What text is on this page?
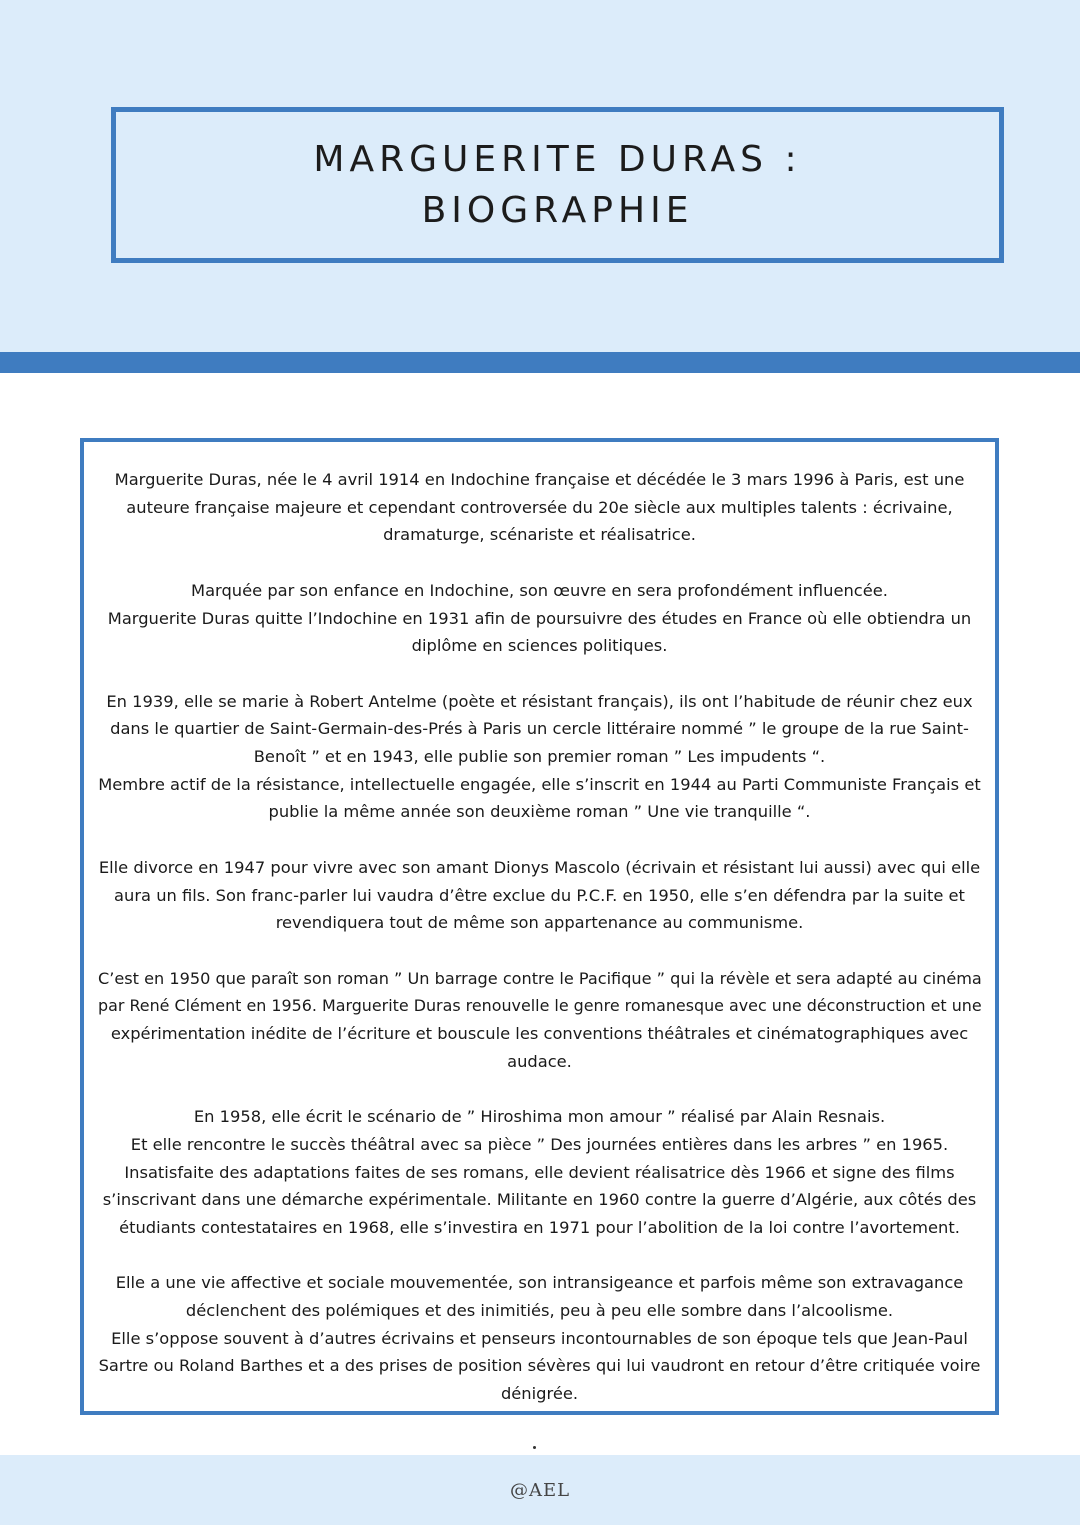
MARGUERITE DURAS :
BIOGRAPHIE
Marguerite Duras, née le 4 avril 1914 en Indochine française et décédée le 3 mars 1996 à Paris, est une
auteure française majeure et cependant controversée du 20e siècle aux multiples talents : écrivaine,
dramaturge, scénariste et réalisatrice.
Marquée par son enfance en Indochine, son œuvre en sera profondément influencée.
Marguerite Duras quitte l’Indochine en 1931 afin de poursuivre des études en France où elle obtiendra un
diplôme en sciences politiques.
En 1939, elle se marie à Robert Antelme (poète et résistant français), ils ont l’habitude de réunir chez eux
dans le quartier de Saint-Germain-des-Prés à Paris un cercle littéraire nommé ” le groupe de la rue Saint-
Benoît ” et en 1943, elle publie son premier roman ” Les impudents “.
Membre actif de la résistance, intellectuelle engagée, elle s’inscrit en 1944 au Parti Communiste Français et
publie la même année son deuxième roman ” Une vie tranquille “.
Elle divorce en 1947 pour vivre avec son amant Dionys Mascolo (écrivain et résistant lui aussi) avec qui elle
aura un fils. Son franc-parler lui vaudra d’être exclue du P.C.F. en 1950, elle s’en défendra par la suite et
revendiquera tout de même son appartenance au communisme.
C’est en 1950 que paraît son roman ” Un barrage contre le Pacifique ” qui la révèle et sera adapté au cinéma
par René Clément en 1956. Marguerite Duras renouvelle le genre romanesque avec une déconstruction et une
expérimentation inédite de l’écriture et bouscule les conventions théâtrales et cinématographiques avec
audace.
En 1958, elle écrit le scénario de ” Hiroshima mon amour ” réalisé par Alain Resnais.
Et elle rencontre le succès théâtral avec sa pièce ” Des journées entières dans les arbres ” en 1965.
Insatisfaite des adaptations faites de ses romans, elle devient réalisatrice dès 1966 et signe des films
s’inscrivant dans une démarche expérimentale. Militante en 1960 contre la guerre d’Algérie, aux côtés des
étudiants contestataires en 1968, elle s’investira en 1971 pour l’abolition de la loi contre l’avortement.
Elle a une vie affective et sociale mouvementée, son intransigeance et parfois même son extravagance
déclenchent des polémiques et des inimitiés, peu à peu elle sombre dans l’alcoolisme.
Elle s’oppose souvent à d’autres écrivains et penseurs incontournables de son époque tels que Jean-Paul
Sartre ou Roland Barthes et a des prises de position sévères qui lui vaudront en retour d’être critiquée voire
dénigrée.
@AEL
